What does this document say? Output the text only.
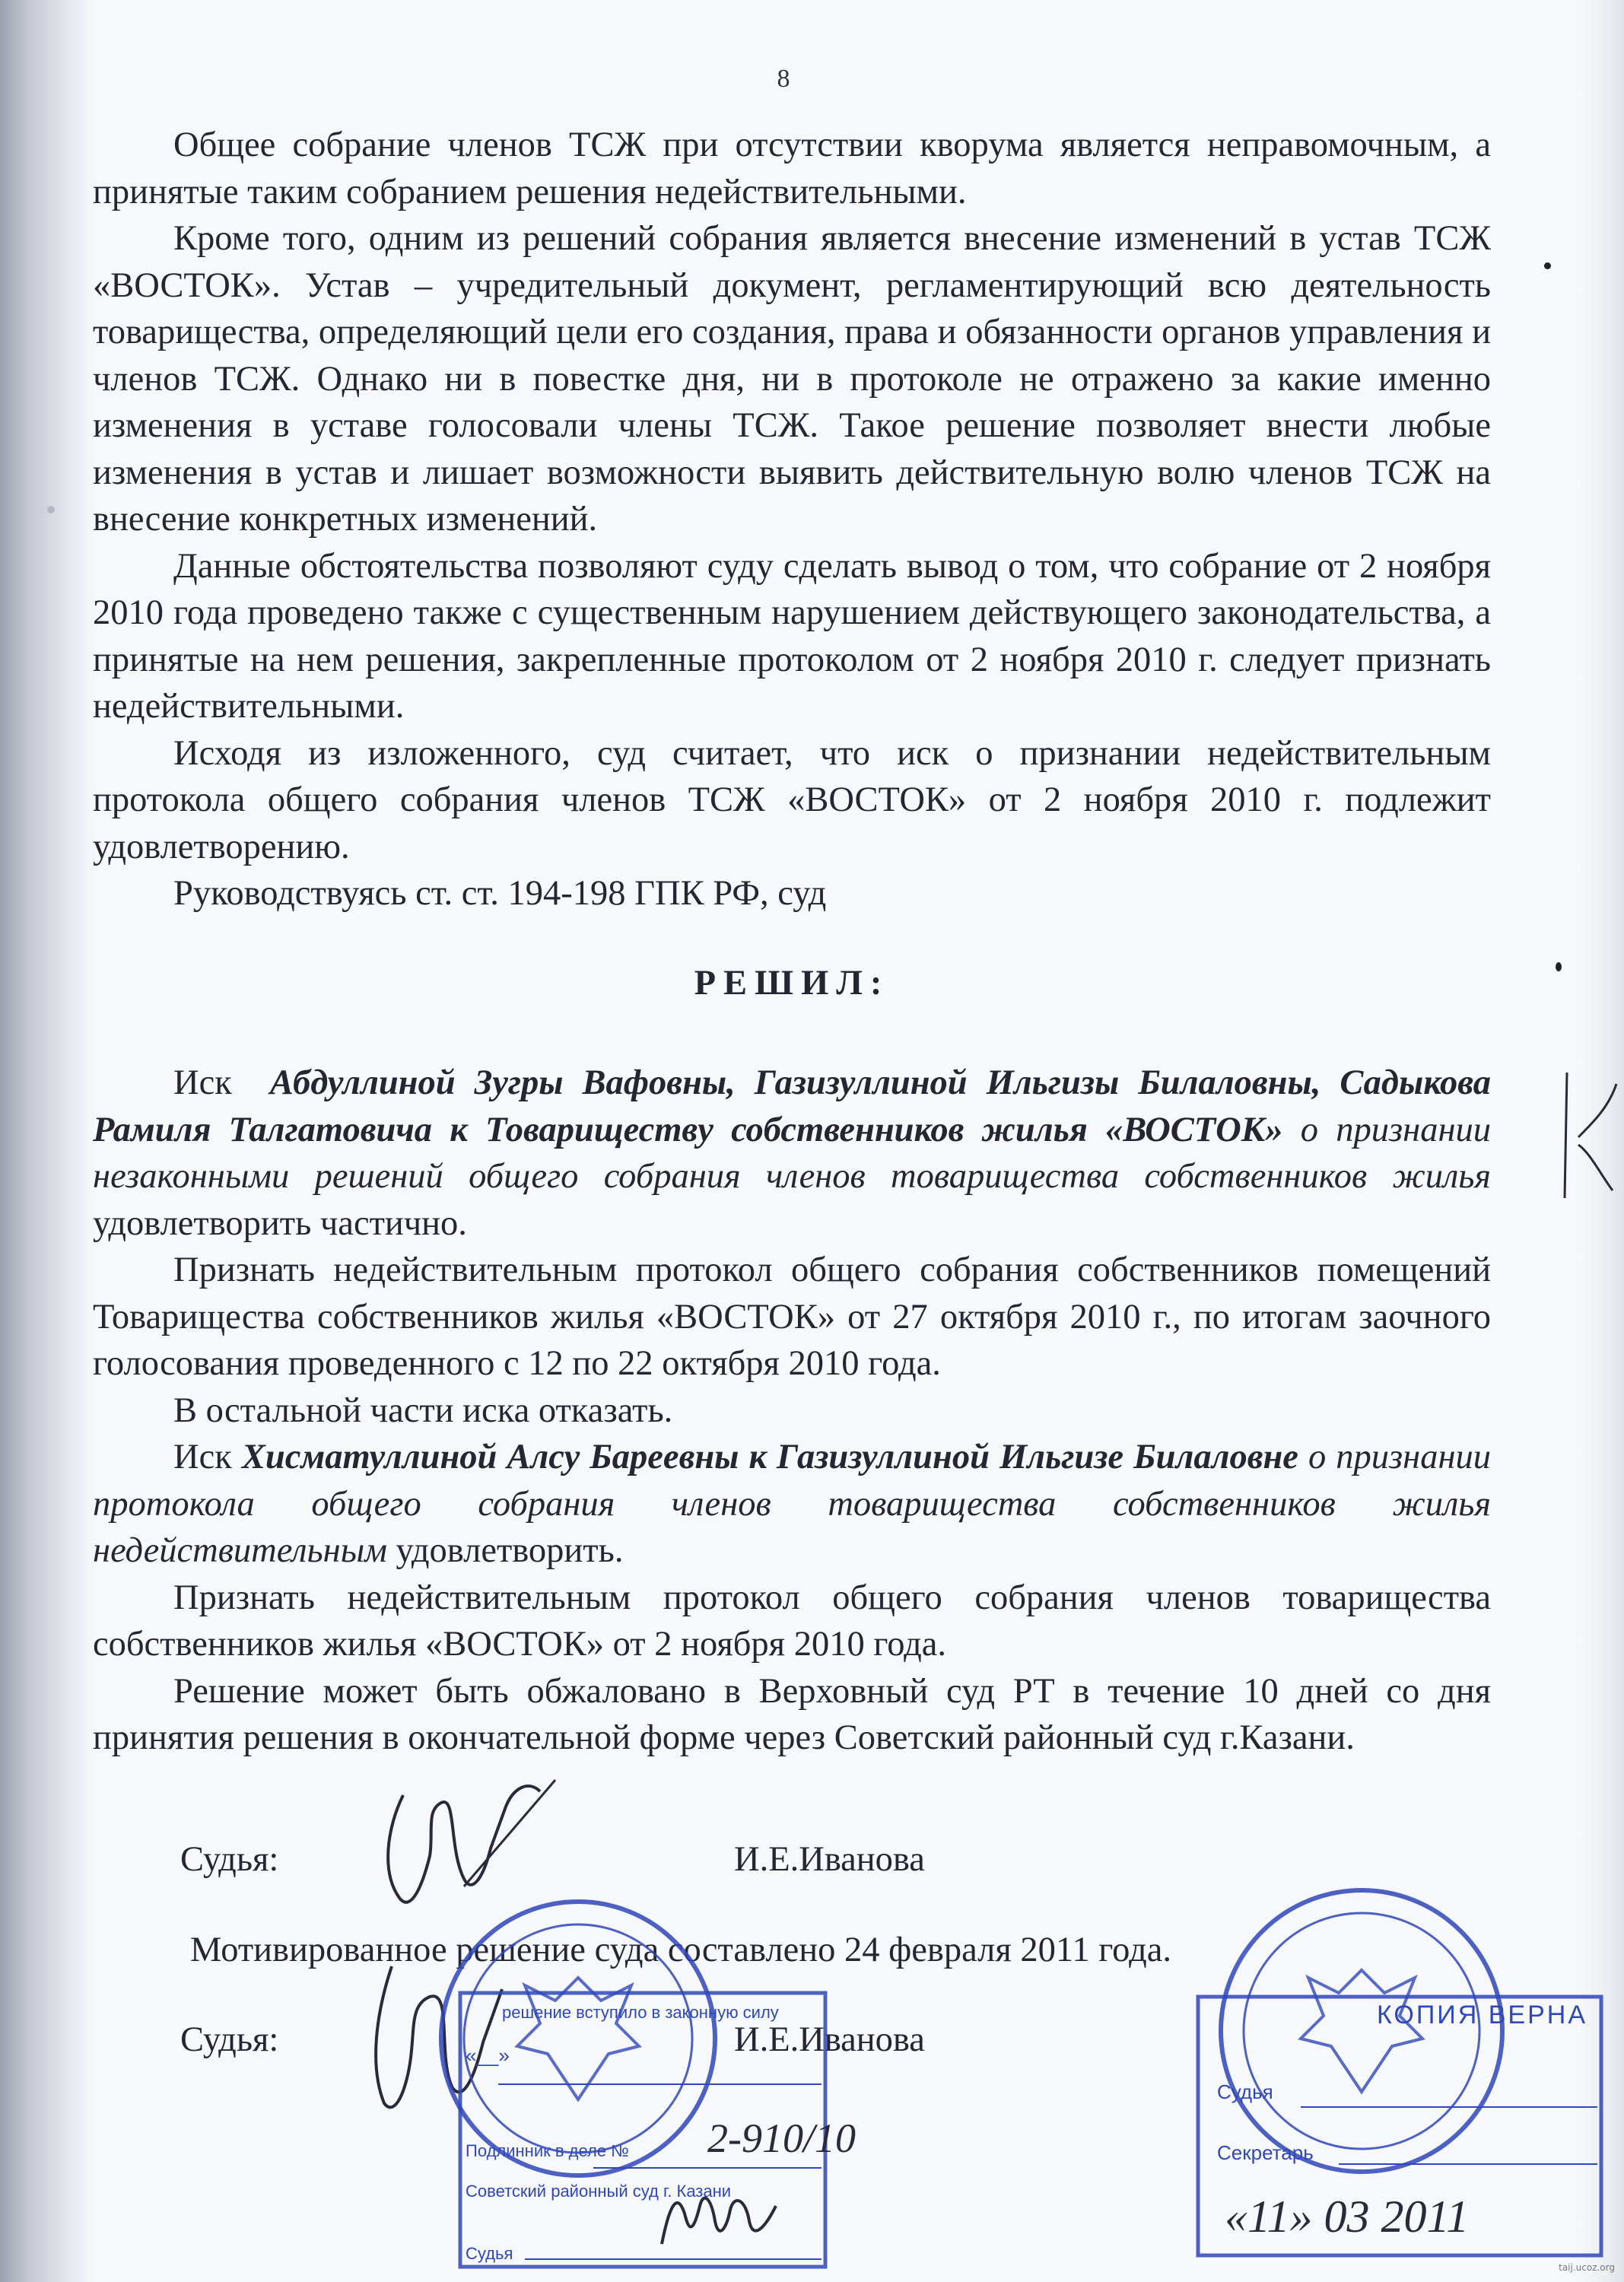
8

Общее собрание членов ТСЖ при отсутствии кворума является неправомочным, а принятые таким собранием решения недействительными.

Кроме того, одним из решений собрания является внесение изменений в устав ТСЖ «ВОСТОК». Устав – учредительный документ, регламентирующий всю деятельность товарищества, определяющий цели его создания, права и обязанности органов управления и членов ТСЖ. Однако ни в повестке дня, ни в протоколе не отражено за какие именно изменения в уставе голосовали члены ТСЖ. Такое решение позволяет внести любые изменения в устав и лишает возможности выявить действительную волю членов ТСЖ на внесение конкретных изменений.

Данные обстоятельства позволяют суду сделать вывод о том, что собрание от 2 ноября 2010 года проведено также с существенным нарушением действующего законодательства, а принятые на нем решения, закрепленные протоколом от 2 ноября 2010 г. следует признать недействительными.

Исходя из изложенного, суд считает, что иск о признании недействительным протокола общего собрания членов ТСЖ «ВОСТОК» от 2 ноября 2010 г. подлежит удовлетворению.

Руководствуясь ст. ст. 194-198 ГПК РФ, суд

РЕШИЛ:

Иск Абдуллиной Зугры Вафовны, Газизуллиной Ильгизы Билаловны, Садыкова Рамиля Талгатовича к Товариществу собственников жилья «ВОСТОК» о признании незаконными решений общего собрания членов товарищества собственников жилья удовлетворить частично.

Признать недействительным протокол общего собрания собственников помещений Товарищества собственников жилья «ВОСТОК» от 27 октября 2010 г., по итогам заочного голосования проведенного с 12 по 22 октября 2010 года.

В остальной части иска отказать.

Иск Хисматуллиной Алсу Бареевны к Газизуллиной Ильгизе Билаловне о признании протокола общего собрания членов товарищества собственников жилья недействительным удовлетворить.

Признать недействительным протокол общего собрания членов товарищества собственников жилья «ВОСТОК» от 2 ноября 2010 года.

Решение может быть обжаловано в Верховный суд РТ в течение 10 дней со дня принятия решения в окончательной форме через Советский районный суд г.Казани.

Судья:	И.Е.Иванова
Мотивированное решение суда составлено 24 февраля 2011 года.
Судья:	И.Е.Иванова
решение вступило в законную силу
«__»
Подлинник в деле № 2-910/10
Советский районный суд г. Казани
Судья
КОПИЯ ВЕРНА
Судья
Секретарь
«11» 03 2011
taij.ucoz.org
